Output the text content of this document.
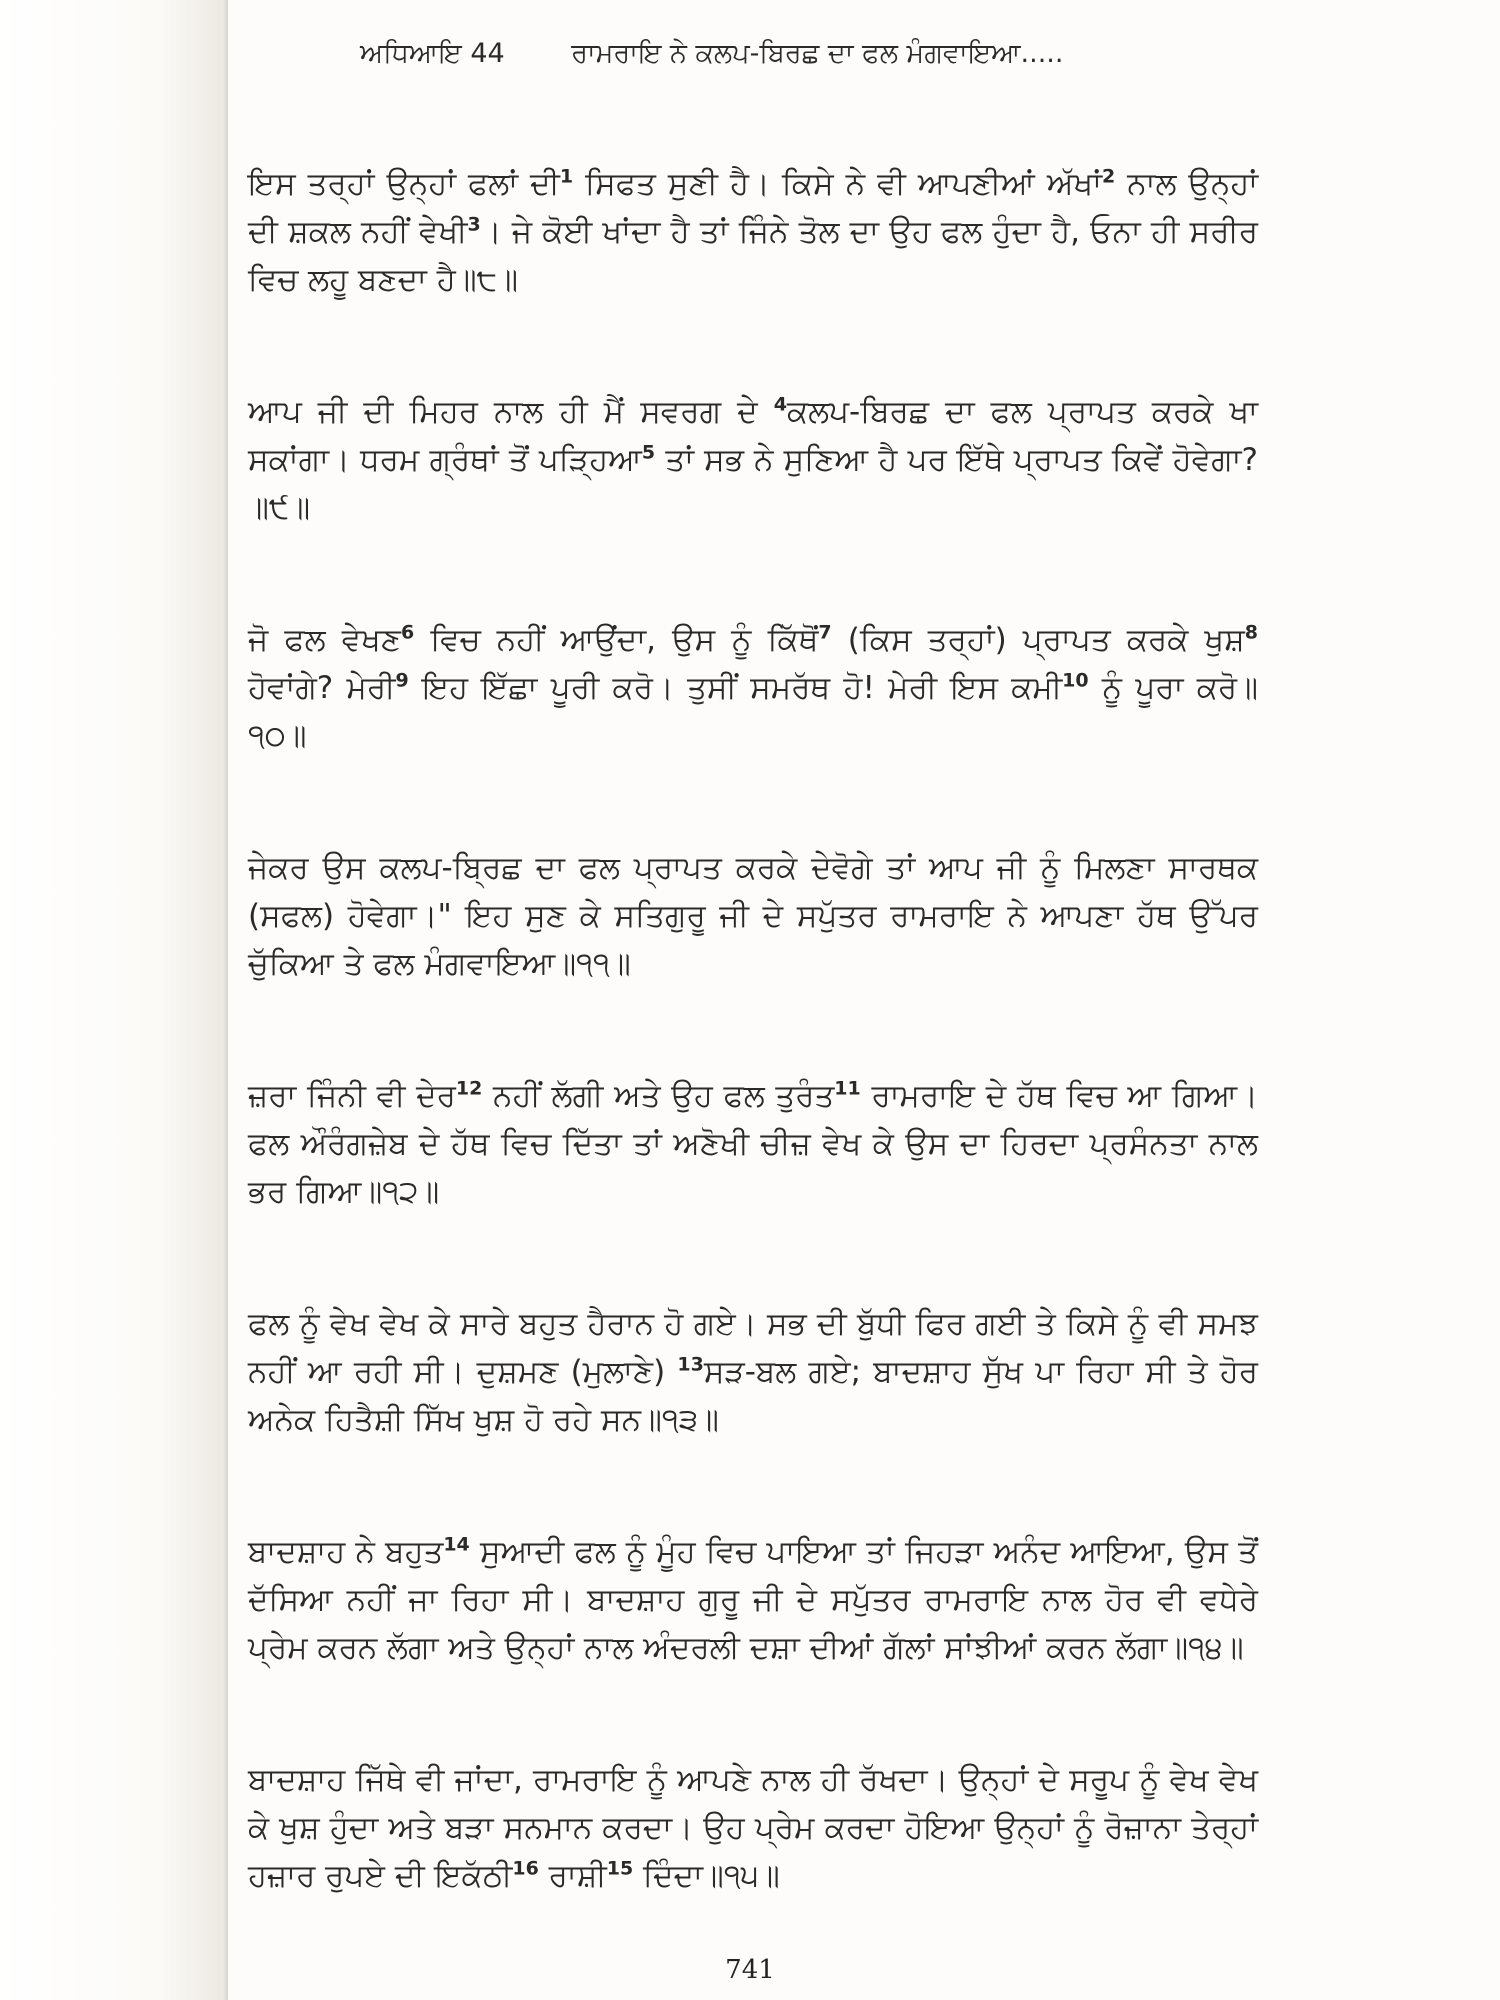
ਅਧਿਆਇ 44 ਰਾਮਰਾਇ ਨੇ ਕਲਪ-ਬਿਰਛ ਦਾ ਫਲ ਮੰਗਵਾਇਆ.....

ਇਸ ਤਰ੍ਹਾਂ ਉਨ੍ਹਾਂ ਫਲਾਂ ਦੀ$^1$ ਸਿਫਤ ਸੁਣੀ ਹੈ। ਕਿਸੇ ਨੇ ਵੀ ਆਪਣੀਆਂ ਅੱਖਾਂ$^2$ ਨਾਲ ਉਨ੍ਹਾਂ ਦੀ ਸ਼ਕਲ ਨਹੀਂ ਵੇਖੀ$^3$। ਜੇ ਕੋਈ ਖਾਂਦਾ ਹੈ ਤਾਂ ਜਿੰਨੇ ਤੋਲ ਦਾ ਉਹ ਫਲ ਹੁੰਦਾ ਹੈ, ਓਨਾ ਹੀ ਸਰੀਰ ਵਿਚ ਲਹੂ ਬਣਦਾ ਹੈ॥੮॥

ਆਪ ਜੀ ਦੀ ਮਿਹਰ ਨਾਲ ਹੀ ਮੈਂ ਸਵਰਗ ਦੇ $^4$ਕਲਪ-ਬਿਰਛ ਦਾ ਫਲ ਪ੍ਰਾਪਤ ਕਰਕੇ ਖਾ ਸਕਾਂਗਾ। ਧਰਮ ਗ੍ਰੰਥਾਂ ਤੋਂ ਪੜ੍ਹਿਆ$^5$ ਤਾਂ ਸਭ ਨੇ ਸੁਣਿਆ ਹੈ ਪਰ ਇੱਥੇ ਪ੍ਰਾਪਤ ਕਿਵੇਂ ਹੋਵੇਗਾ? ॥੯॥

ਜੋ ਫਲ ਵੇਖਣ$^6$ ਵਿਚ ਨਹੀਂ ਆਉਂਦਾ, ਉਸ ਨੂੰ ਕਿੱਥੋਂ$^7$ (ਕਿਸ ਤਰ੍ਹਾਂ) ਪ੍ਰਾਪਤ ਕਰਕੇ ਖੁਸ਼$^8$ ਹੋਵਾਂਗੇ? ਮੇਰੀ$^9$ ਇਹ ਇੱਛਾ ਪੂਰੀ ਕਰੋ। ਤੁਸੀਂ ਸਮਰੱਥ ਹੋ! ਮੇਰੀ ਇਸ ਕਮੀ$^{10}$ ਨੂੰ ਪੂਰਾ ਕਰੋ॥੧੦॥

ਜੇਕਰ ਉਸ ਕਲਪ-ਬ੍ਰਿਛ ਦਾ ਫਲ ਪ੍ਰਾਪਤ ਕਰਕੇ ਦੇਵੋਗੇ ਤਾਂ ਆਪ ਜੀ ਨੂੰ ਮਿਲਣਾ ਸਾਰਥਕ (ਸਫਲ) ਹੋਵੇਗਾ।" ਇਹ ਸੁਣ ਕੇ ਸਤਿਗੁਰੂ ਜੀ ਦੇ ਸਪੁੱਤਰ ਰਾਮਰਾਇ ਨੇ ਆਪਣਾ ਹੱਥ ਉੱਪਰ ਚੁੱਕਿਆ ਤੇ ਫਲ ਮੰਗਵਾਇਆ॥੧੧॥

ਜ਼ਰਾ ਜਿੰਨੀ ਵੀ ਦੇਰ$^{12}$ ਨਹੀਂ ਲੱਗੀ ਅਤੇ ਉਹ ਫਲ ਤੁਰੰਤ$^{11}$ ਰਾਮਰਾਇ ਦੇ ਹੱਥ ਵਿਚ ਆ ਗਿਆ। ਫਲ ਔਰੰਗਜ਼ੇਬ ਦੇ ਹੱਥ ਵਿਚ ਦਿੱਤਾ ਤਾਂ ਅਣੋਖੀ ਚੀਜ਼ ਵੇਖ ਕੇ ਉਸ ਦਾ ਹਿਰਦਾ ਪ੍ਰਸੰਨਤਾ ਨਾਲ ਭਰ ਗਿਆ॥੧੨॥

ਫਲ ਨੂੰ ਵੇਖ ਵੇਖ ਕੇ ਸਾਰੇ ਬਹੁਤ ਹੈਰਾਨ ਹੋ ਗਏ। ਸਭ ਦੀ ਬੁੱਧੀ ਫਿਰ ਗਈ ਤੇ ਕਿਸੇ ਨੂੰ ਵੀ ਸਮਝ ਨਹੀਂ ਆ ਰਹੀ ਸੀ। ਦੁਸ਼ਮਣ (ਮੁਲਾਣੇ) $^{13}$ਸੜ-ਬਲ ਗਏ; ਬਾਦਸ਼ਾਹ ਸੁੱਖ ਪਾ ਰਿਹਾ ਸੀ ਤੇ ਹੋਰ ਅਨੇਕ ਹਿਤੈਸ਼ੀ ਸਿੱਖ ਖੁਸ਼ ਹੋ ਰਹੇ ਸਨ॥੧੩॥

ਬਾਦਸ਼ਾਹ ਨੇ ਬਹੁਤ$^{14}$ ਸੁਆਦੀ ਫਲ ਨੂੰ ਮੂੰਹ ਵਿਚ ਪਾਇਆ ਤਾਂ ਜਿਹੜਾ ਅਨੰਦ ਆਇਆ, ਉਸ ਤੋਂ ਦੱਸਿਆ ਨਹੀਂ ਜਾ ਰਿਹਾ ਸੀ। ਬਾਦਸ਼ਾਹ ਗੁਰੂ ਜੀ ਦੇ ਸਪੁੱਤਰ ਰਾਮਰਾਇ ਨਾਲ ਹੋਰ ਵੀ ਵਧੇਰੇ ਪ੍ਰੇਮ ਕਰਨ ਲੱਗਾ ਅਤੇ ਉਨ੍ਹਾਂ ਨਾਲ ਅੰਦਰਲੀ ਦਸ਼ਾ ਦੀਆਂ ਗੱਲਾਂ ਸਾਂਝੀਆਂ ਕਰਨ ਲੱਗਾ॥੧੪॥

ਬਾਦਸ਼ਾਹ ਜਿੱਥੇ ਵੀ ਜਾਂਦਾ, ਰਾਮਰਾਇ ਨੂੰ ਆਪਣੇ ਨਾਲ ਹੀ ਰੱਖਦਾ। ਉਨ੍ਹਾਂ ਦੇ ਸਰੂਪ ਨੂੰ ਵੇਖ ਵੇਖ ਕੇ ਖੁਸ਼ ਹੁੰਦਾ ਅਤੇ ਬੜਾ ਸਨਮਾਨ ਕਰਦਾ। ਉਹ ਪ੍ਰੇਮ ਕਰਦਾ ਹੋਇਆ ਉਨ੍ਹਾਂ ਨੂੰ ਰੋਜ਼ਾਨਾ ਤੇਰ੍ਹਾਂ ਹਜ਼ਾਰ ਰੁਪਏ ਦੀ ਇਕੱਠੀ$^{16}$ ਰਾਸ਼ੀ$^{15}$ ਦਿੰਦਾ॥੧੫॥

741
